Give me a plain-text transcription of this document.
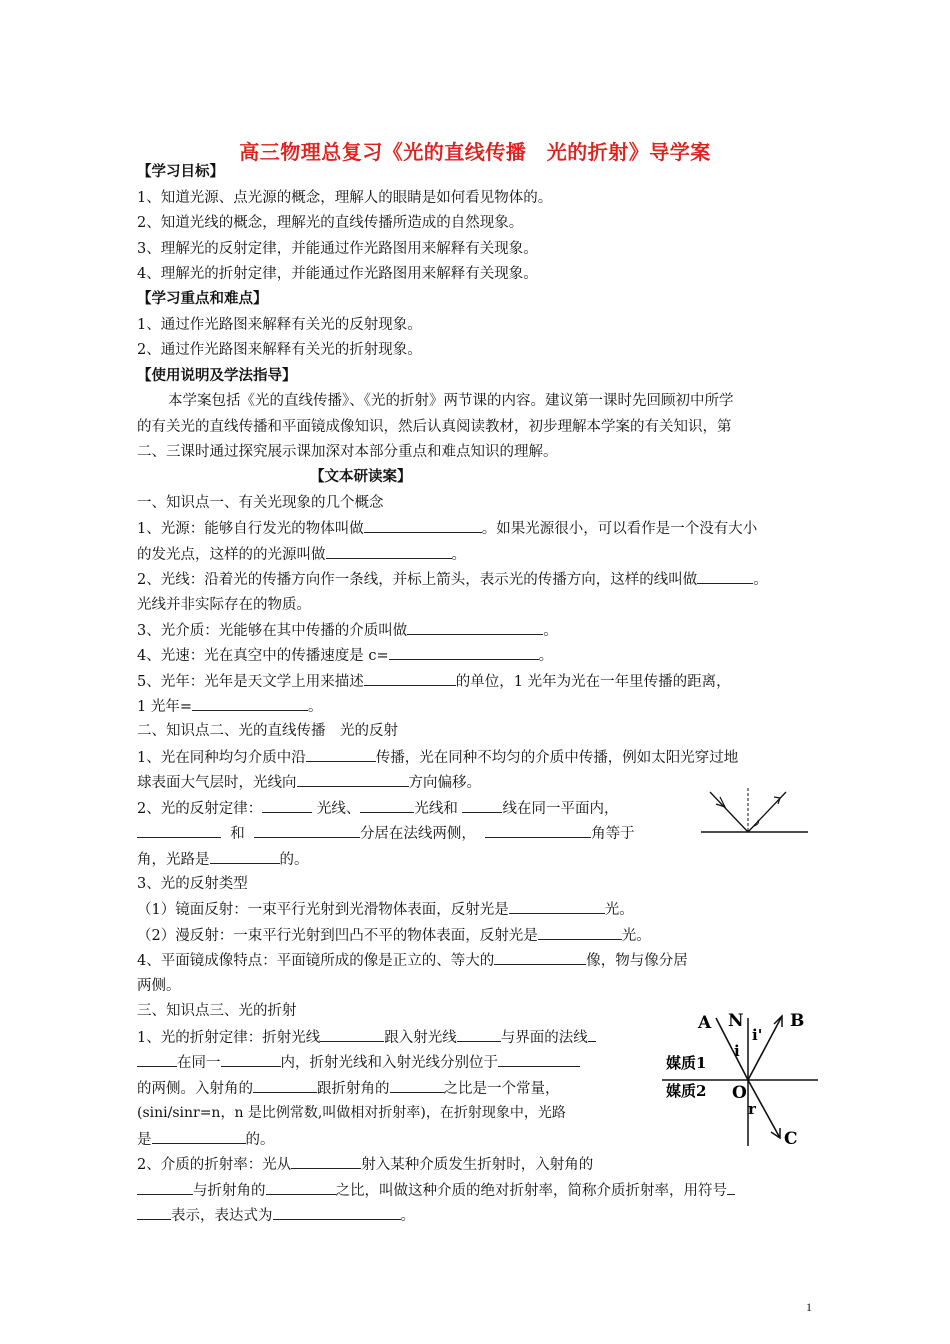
高三物理总复习《光的直线传播　光的折射》导学案
【学习目标】
1、知道光源、点光源的概念，理解人的眼睛是如何看见物体的。
2、知道光线的概念，理解光的直线传播所造成的自然现象。
3、理解光的反射定律，并能通过作光路图用来解释有关现象。
4、理解光的折射定律，并能通过作光路图用来解释有关现象。
【学习重点和难点】
1、通过作光路图来解释有关光的反射现象。
2、通过作光路图来解释有关光的折射现象。
【使用说明及学法指导】
本学案包括《光的直线传播》、《光的折射》两节课的内容。建议第一课时先回顾初中所学
的有关光的直线传播和平面镜成像知识，然后认真阅读教材，初步理解本学案的有关知识，第
二、三课时通过探究展示课加深对本部分重点和难点知识的理解。
【文本研读案】
一、知识点一、有关光现象的几个概念
1、光源：能够自行发光的物体叫做	。如果光源很小，可以看作是一个没有大小
的发光点，这样的的光源叫做	。
2、光线：沿着光的传播方向作一条线，并标上箭头，表示光的传播方向，这样的线叫做	。
光线并非实际存在的物质。
3、光介质：光能够在其中传播的介质叫做	。
4、光速：光在真空中的传播速度是 c=	。
5、光年：光年是天文学上用来描述	的单位，1 光年为光在一年里传播的距离，
1 光年=	。
二、知识点二、光的直线传播　光的反射
1、光在同种均匀介质中沿	传播，光在同种不均匀的介质中传播，例如太阳光穿过地
球表面大气层时，光线向	方向偏移。
2、光的反射定律：	光线、	光线和	线在同一平面内，
和	分居在法线两侧，	角等于
角，光路是	的。
3、光的反射类型
（1）镜面反射：一束平行光射到光滑物体表面，反射光是	光。
（2）漫反射：一束平行光射到凹凸不平的物体表面，反射光是	光。
4、平面镜成像特点：平面镜所成的像是正立的、等大的	像，物与像分居
两侧。
三、知识点三、光的折射
1、光的折射定律：折射光线	跟入射光线	与界面的法线
在同一	内，折射光线和入射光线分别位于
的两侧。入射角的	跟折射角的	之比是一个常量，
(sini/sinr=n，n 是比例常数,叫做相对折射率)，在折射现象中，光路
是	的。
2、介质的折射率：光从	射入某种介质发生折射时，入射角的
与折射角的	之比，叫做这种介质的绝对折射率，简称介质折射率，用符号
表示，表达式为	。
A N	B
i
i'
媒质1
媒质2 O
r
C
1
